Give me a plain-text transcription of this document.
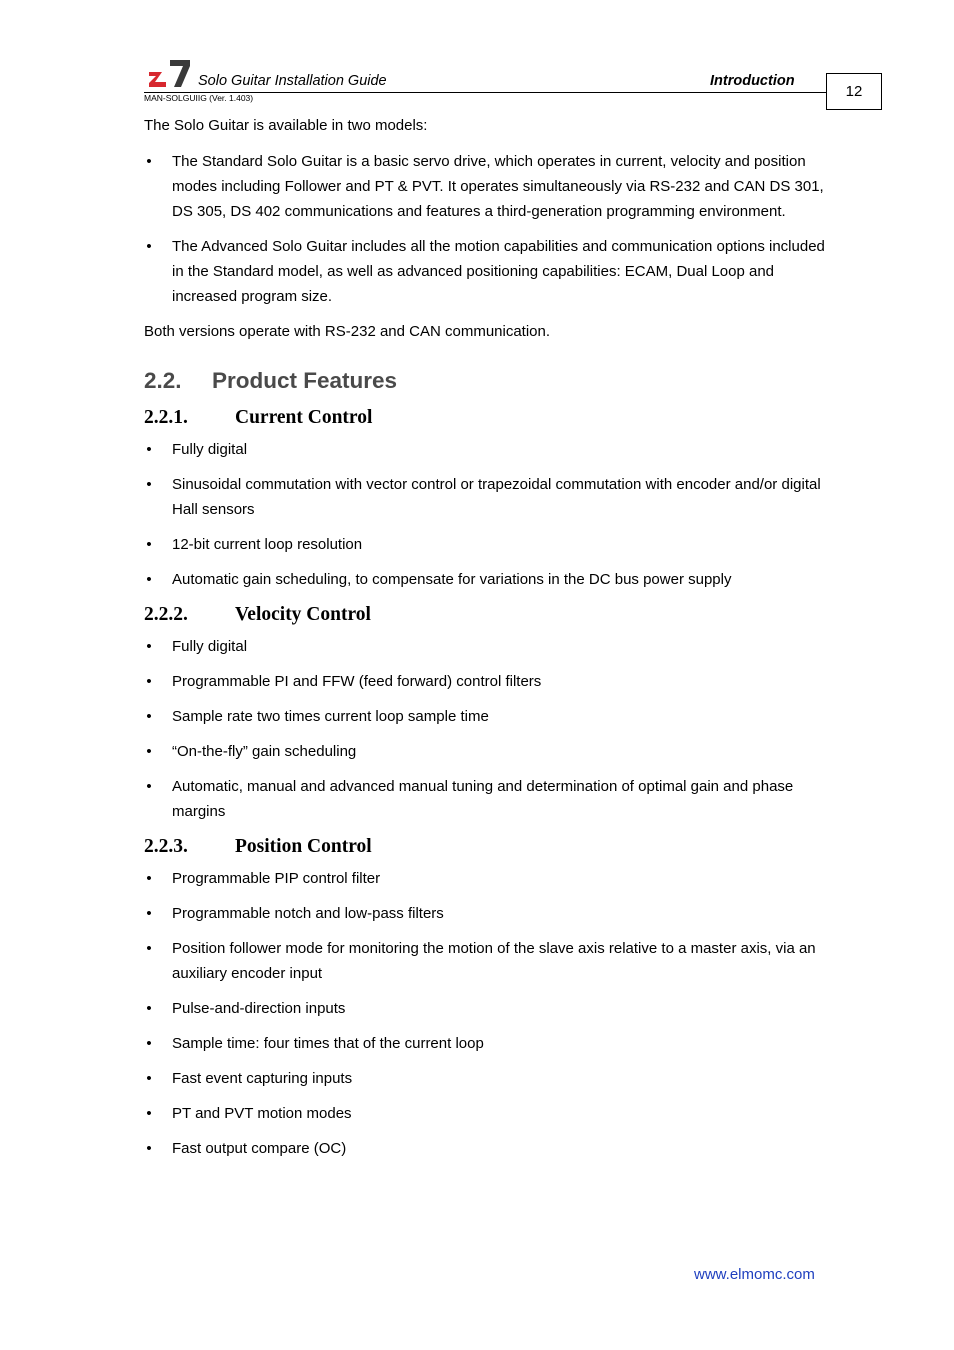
Solo Guitar Installation Guide	Introduction
MAN-SOLGUIIG (Ver. 1.403)	12

The Solo Guitar is available in two models:

• The Standard Solo Guitar is a basic servo drive, which operates in current, velocity and position modes including Follower and PT & PVT. It operates simultaneously via RS-232 and CAN DS 301, DS 305, DS 402 communications and features a third-generation programming environment.
• The Advanced Solo Guitar includes all the motion capabilities and communication options included in the Standard model, as well as advanced positioning capabilities: ECAM, Dual Loop and increased program size.

Both versions operate with RS-232 and CAN communication.

2.2. Product Features
2.2.1. Current Control
• Fully digital
• Sinusoidal commutation with vector control or trapezoidal commutation with encoder and/or digital Hall sensors
• 12-bit current loop resolution
• Automatic gain scheduling, to compensate for variations in the DC bus power supply
2.2.2. Velocity Control
• Fully digital
• Programmable PI and FFW (feed forward) control filters
• Sample rate two times current loop sample time
• “On-the-fly” gain scheduling
• Automatic, manual and advanced manual tuning and determination of optimal gain and phase margins
2.2.3. Position Control
• Programmable PIP control filter
• Programmable notch and low-pass filters
• Position follower mode for monitoring the motion of the slave axis relative to a master axis, via an auxiliary encoder input
• Pulse-and-direction inputs
• Sample time: four times that of the current loop
• Fast event capturing inputs
• PT and PVT motion modes
• Fast output compare (OC)
www.elmomc.com
